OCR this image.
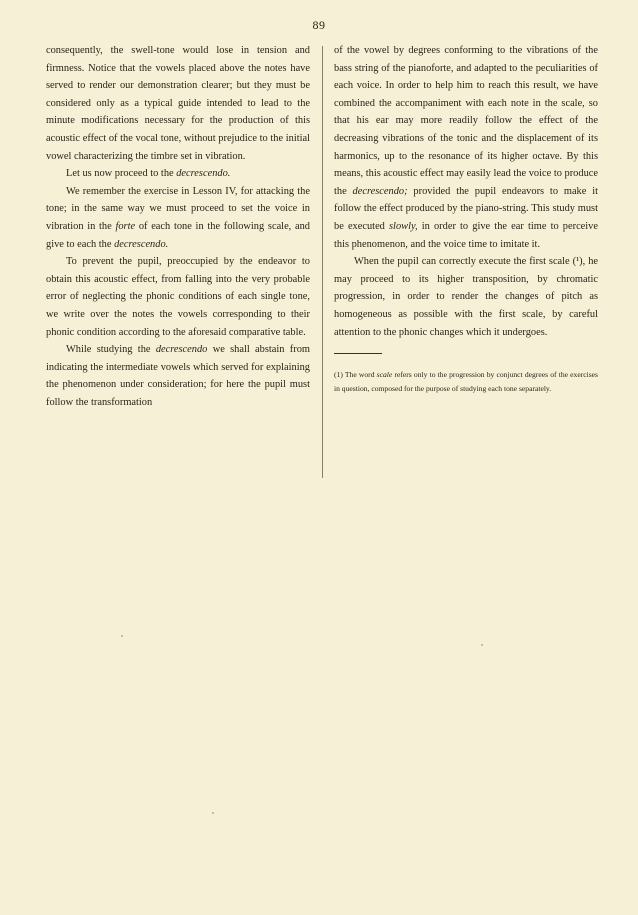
89

consequently, the swell-tone would lose in tension and firmness. Notice that the vowels placed above the notes have served to render our demonstration clearer; but they must be considered only as a typical guide intended to lead to the minute modifications necessary for the production of this acoustic effect of the vocal tone, without prejudice to the initial vowel characterizing the timbre set in vibration.

Let us now proceed to the decrescendo.

We remember the exercise in Lesson IV, for attacking the tone; in the same way we must proceed to set the voice in vibration in the forte of each tone in the following scale, and give to each the decrescendo.

To prevent the pupil, preoccupied by the endeavor to obtain this acoustic effect, from falling into the very probable error of neglecting the phonic conditions of each single tone, we write over the notes the vowels corresponding to their phonic condition according to the aforesaid comparative table.

While studying the decrescendo we shall abstain from indicating the intermediate vowels which served for explaining the phenomenon under consideration; for here the pupil must follow the transformation

of the vowel by degrees conforming to the vibrations of the bass string of the pianoforte, and adapted to the peculiarities of each voice. In order to help him to reach this result, we have combined the accompaniment with each note in the scale, so that his ear may more readily follow the effect of the decreasing vibrations of the tonic and the displacement of its harmonics, up to the resonance of its higher octave. By this means, this acoustic effect may easily lead the voice to produce the decrescendo; provided the pupil endeavors to make it follow the effect produced by the piano-string. This study must be executed slowly, in order to give the ear time to perceive this phenomenon, and the voice time to imitate it.

When the pupil can correctly execute the first scale (¹), he may proceed to its higher transposition, by chromatic progression, in order to render the changes of pitch as homogeneous as possible with the first scale, by careful attention to the phonic changes which it undergoes.

(1) The word scale refers only to the progression by conjunct degrees of the exercises in question, composed for the purpose of studying each tone separately.
